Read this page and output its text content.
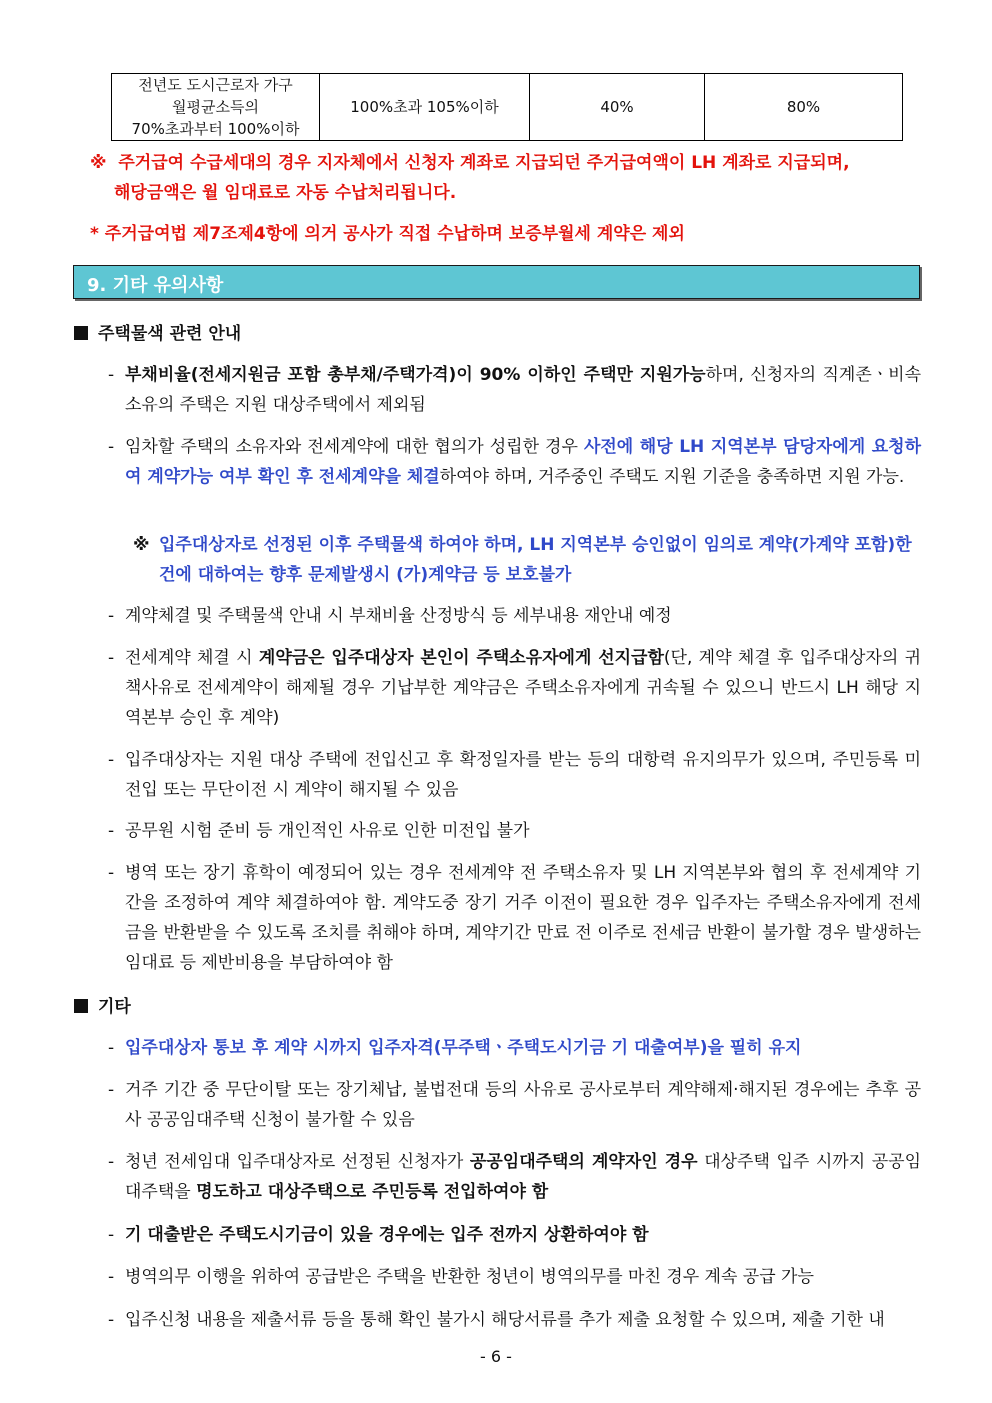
전년도 도시근로자 가구
월평균소득의
70%초과부터 100%이하
	100%초과 105%이하	40%	80%
※ 주거급여 수급세대의 경우 지자체에서 신청자 계좌로 지급되던 주거급여액이 LH 계좌로 지급되며,
해당금액은 월 임대료로 자동 수납처리됩니다.
* 주거급여법 제7조제4항에 의거 공사가 직접 수납하며 보증부월세 계약은 제외
9. 기타 유의사항
주택물색 관련 안내
- 부채비율(전세지원금 포함 총부채/주택가격)이 90% 이하인 주택만 지원가능하며, 신청자의 직계존ㆍ비속 소유의 주택은 지원 대상주택에서 제외됨
- 임차할 주택의 소유자와 전세계약에 대한 협의가 성립한 경우 사전에 해당 LH 지역본부 담당자에게 요청하여 계약가능 여부 확인 후 전세계약을 체결하여야 하며, 거주중인 주택도 지원 기준을 충족하면 지원 가능.
※ 입주대상자로 선정된 이후 주택물색 하여야 하며, LH 지역본부 승인없이 임의로 계약(가계약 포함)한 건에 대하여는 향후 문제발생시 (가)계약금 등 보호불가
- 계약체결 및 주택물색 안내 시 부채비율 산정방식 등 세부내용 재안내 예정
- 전세계약 체결 시 계약금은 입주대상자 본인이 주택소유자에게 선지급함(단, 계약 체결 후 입주대상자의 귀책사유로 전세계약이 해제될 경우 기납부한 계약금은 주택소유자에게 귀속될 수 있으니 반드시 LH 해당 지역본부 승인 후 계약)
- 입주대상자는 지원 대상 주택에 전입신고 후 확정일자를 받는 등의 대항력 유지의무가 있으며, 주민등록 미 전입 또는 무단이전 시 계약이 해지될 수 있음
- 공무원 시험 준비 등 개인적인 사유로 인한 미전입 불가
- 병역 또는 장기 휴학이 예정되어 있는 경우 전세계약 전 주택소유자 및 LH 지역본부와 협의 후 전세계약 기간을 조정하여 계약 체결하여야 함. 계약도중 장기 거주 이전이 필요한 경우 입주자는 주택소유자에게 전세금을 반환받을 수 있도록 조치를 취해야 하며, 계약기간 만료 전 이주로 전세금 반환이 불가할 경우 발생하는 임대료 등 제반비용을 부담하여야 함
기타
- 입주대상자 통보 후 계약 시까지 입주자격(무주택ㆍ주택도시기금 기 대출여부)을 필히 유지
- 거주 기간 중 무단이탈 또는 장기체납, 불법전대 등의 사유로 공사로부터 계약해제·해지된 경우에는 추후 공사 공공임대주택 신청이 불가할 수 있음
- 청년 전세임대 입주대상자로 선정된 신청자가 공공임대주택의 계약자인 경우 대상주택 입주 시까지 공공임대주택을 명도하고 대상주택으로 주민등록 전입하여야 함
- 기 대출받은 주택도시기금이 있을 경우에는 입주 전까지 상환하여야 함
- 병역의무 이행을 위하여 공급받은 주택을 반환한 청년이 병역의무를 마친 경우 계속 공급 가능
- 입주신청 내용을 제출서류 등을 통해 확인 불가시 해당서류를 추가 제출 요청할 수 있으며, 제출 기한 내
- 6 -
